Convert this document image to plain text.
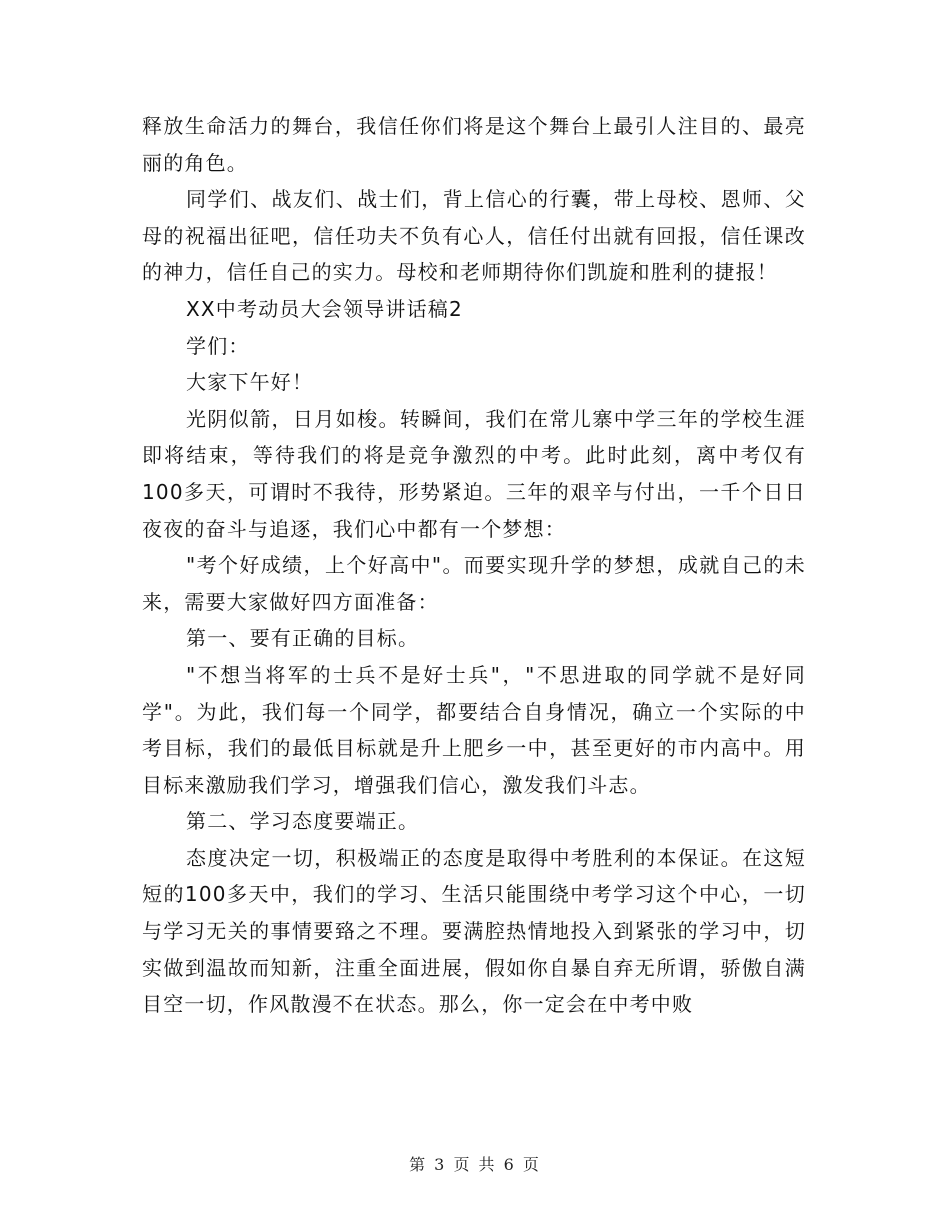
释放生命活力的舞台，我信任你们将是这个舞台上最引人注目的、最亮丽的角色。

同学们、战友们、战士们，背上信心的行囊，带上母校、恩师、父母的祝福出征吧，信任功夫不负有心人，信任付出就有回报，信任课改的神力，信任自己的实力。母校和老师期待你们凯旋和胜利的捷报！

XX中考动员大会领导讲话稿2

学们：

大家下午好！

光阴似箭，日月如梭。转瞬间，我们在常儿寨中学三年的学校生涯即将结束，等待我们的将是竞争激烈的中考。此时此刻，离中考仅有100多天，可谓时不我待，形势紧迫。三年的艰辛与付出，一千个日日夜夜的奋斗与追逐，我们心中都有一个梦想：

"考个好成绩，上个好高中"。而要实现升学的梦想，成就自己的未来，需要大家做好四方面准备：

第一、要有正确的目标。

"不想当将军的士兵不是好士兵"，"不思进取的同学就不是好同学"。为此，我们每一个同学，都要结合自身情况，确立一个实际的中考目标，我们的最低目标就是升上肥乡一中，甚至更好的市内高中。用目标来激励我们学习，增强我们信心，激发我们斗志。

第二、学习态度要端正。

态度决定一切，积极端正的态度是取得中考胜利的本保证。在这短短的100多天中，我们的学习、生活只能围绕中考学习这个中心，一切与学习无关的事情要臵之不理。要满腔热情地投入到紧张的学习中，切实做到温故而知新，注重全面进展，假如你自暴自弃无所谓，骄傲自满目空一切，作风散漫不在状态。那么，你一定会在中考中败

第 3 页 共 6 页
